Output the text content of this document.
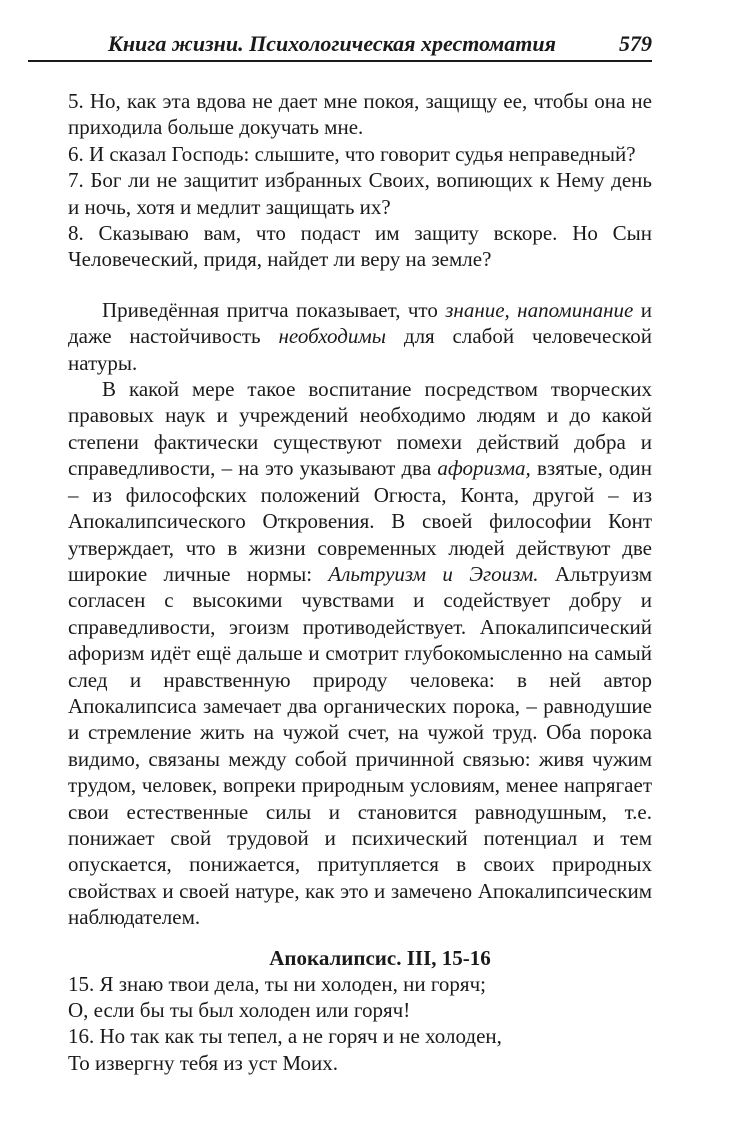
Книга жизни. Психологическая хрестоматия	579

5. Но, как эта вдова не дает мне покоя, защищу ее, чтобы она не приходила больше докучать мне.

6. И сказал Господь: слышите, что говорит судья неправедный?

7. Бог ли не защитит избранных Своих, вопиющих к Нему день и ночь, хотя и медлит защищать их?

8. Сказываю вам, что подаст им защиту вскоре. Но Сын Человеческий, придя, найдет ли веру на земле?

Приведённая притча показывает, что знание, напоминание и даже настойчивость необходимы для слабой человеческой натуры.

В какой мере такое воспитание посредством творческих правовых наук и учреждений необходимо людям и до какой степени фактически существуют помехи действий добра и справедливости, – на это указывают два афоризма, взятые, один – из философских положений Огюста, Конта, другой – из Апокалипсического Откровения. В своей философии Конт утверждает, что в жизни современных людей действуют две широкие личные нормы: Альтруизм и Эгоизм. Альтруизм согласен с высокими чувствами и содействует добру и справедливости, эгоизм противодействует. Апокалипсический афоризм идёт ещё дальше и смотрит глубокомысленно на самый след и нравственную природу человека: в ней автор Апокалипсиса замечает два органических порока, – равнодушие и стремление жить на чужой счет, на чужой труд. Оба порока видимо, связаны между собой причинной связью: живя чужим трудом, человек, вопреки природным условиям, менее напрягает свои естественные силы и становится равнодушным, т.е. понижает свой трудовой и психический потенциал и тем опускается, понижается, притупляется в своих природных свойствах и своей натуре, как это и замечено Апокалипсическим наблюдателем.

Апокалипсис. III, 15-16

15. Я знаю твои дела, ты ни холоден, ни горяч;

О, если бы ты был холоден или горяч!

16. Но так как ты тепел, а не горяч и не холоден,

То извергну тебя из уст Моих.
